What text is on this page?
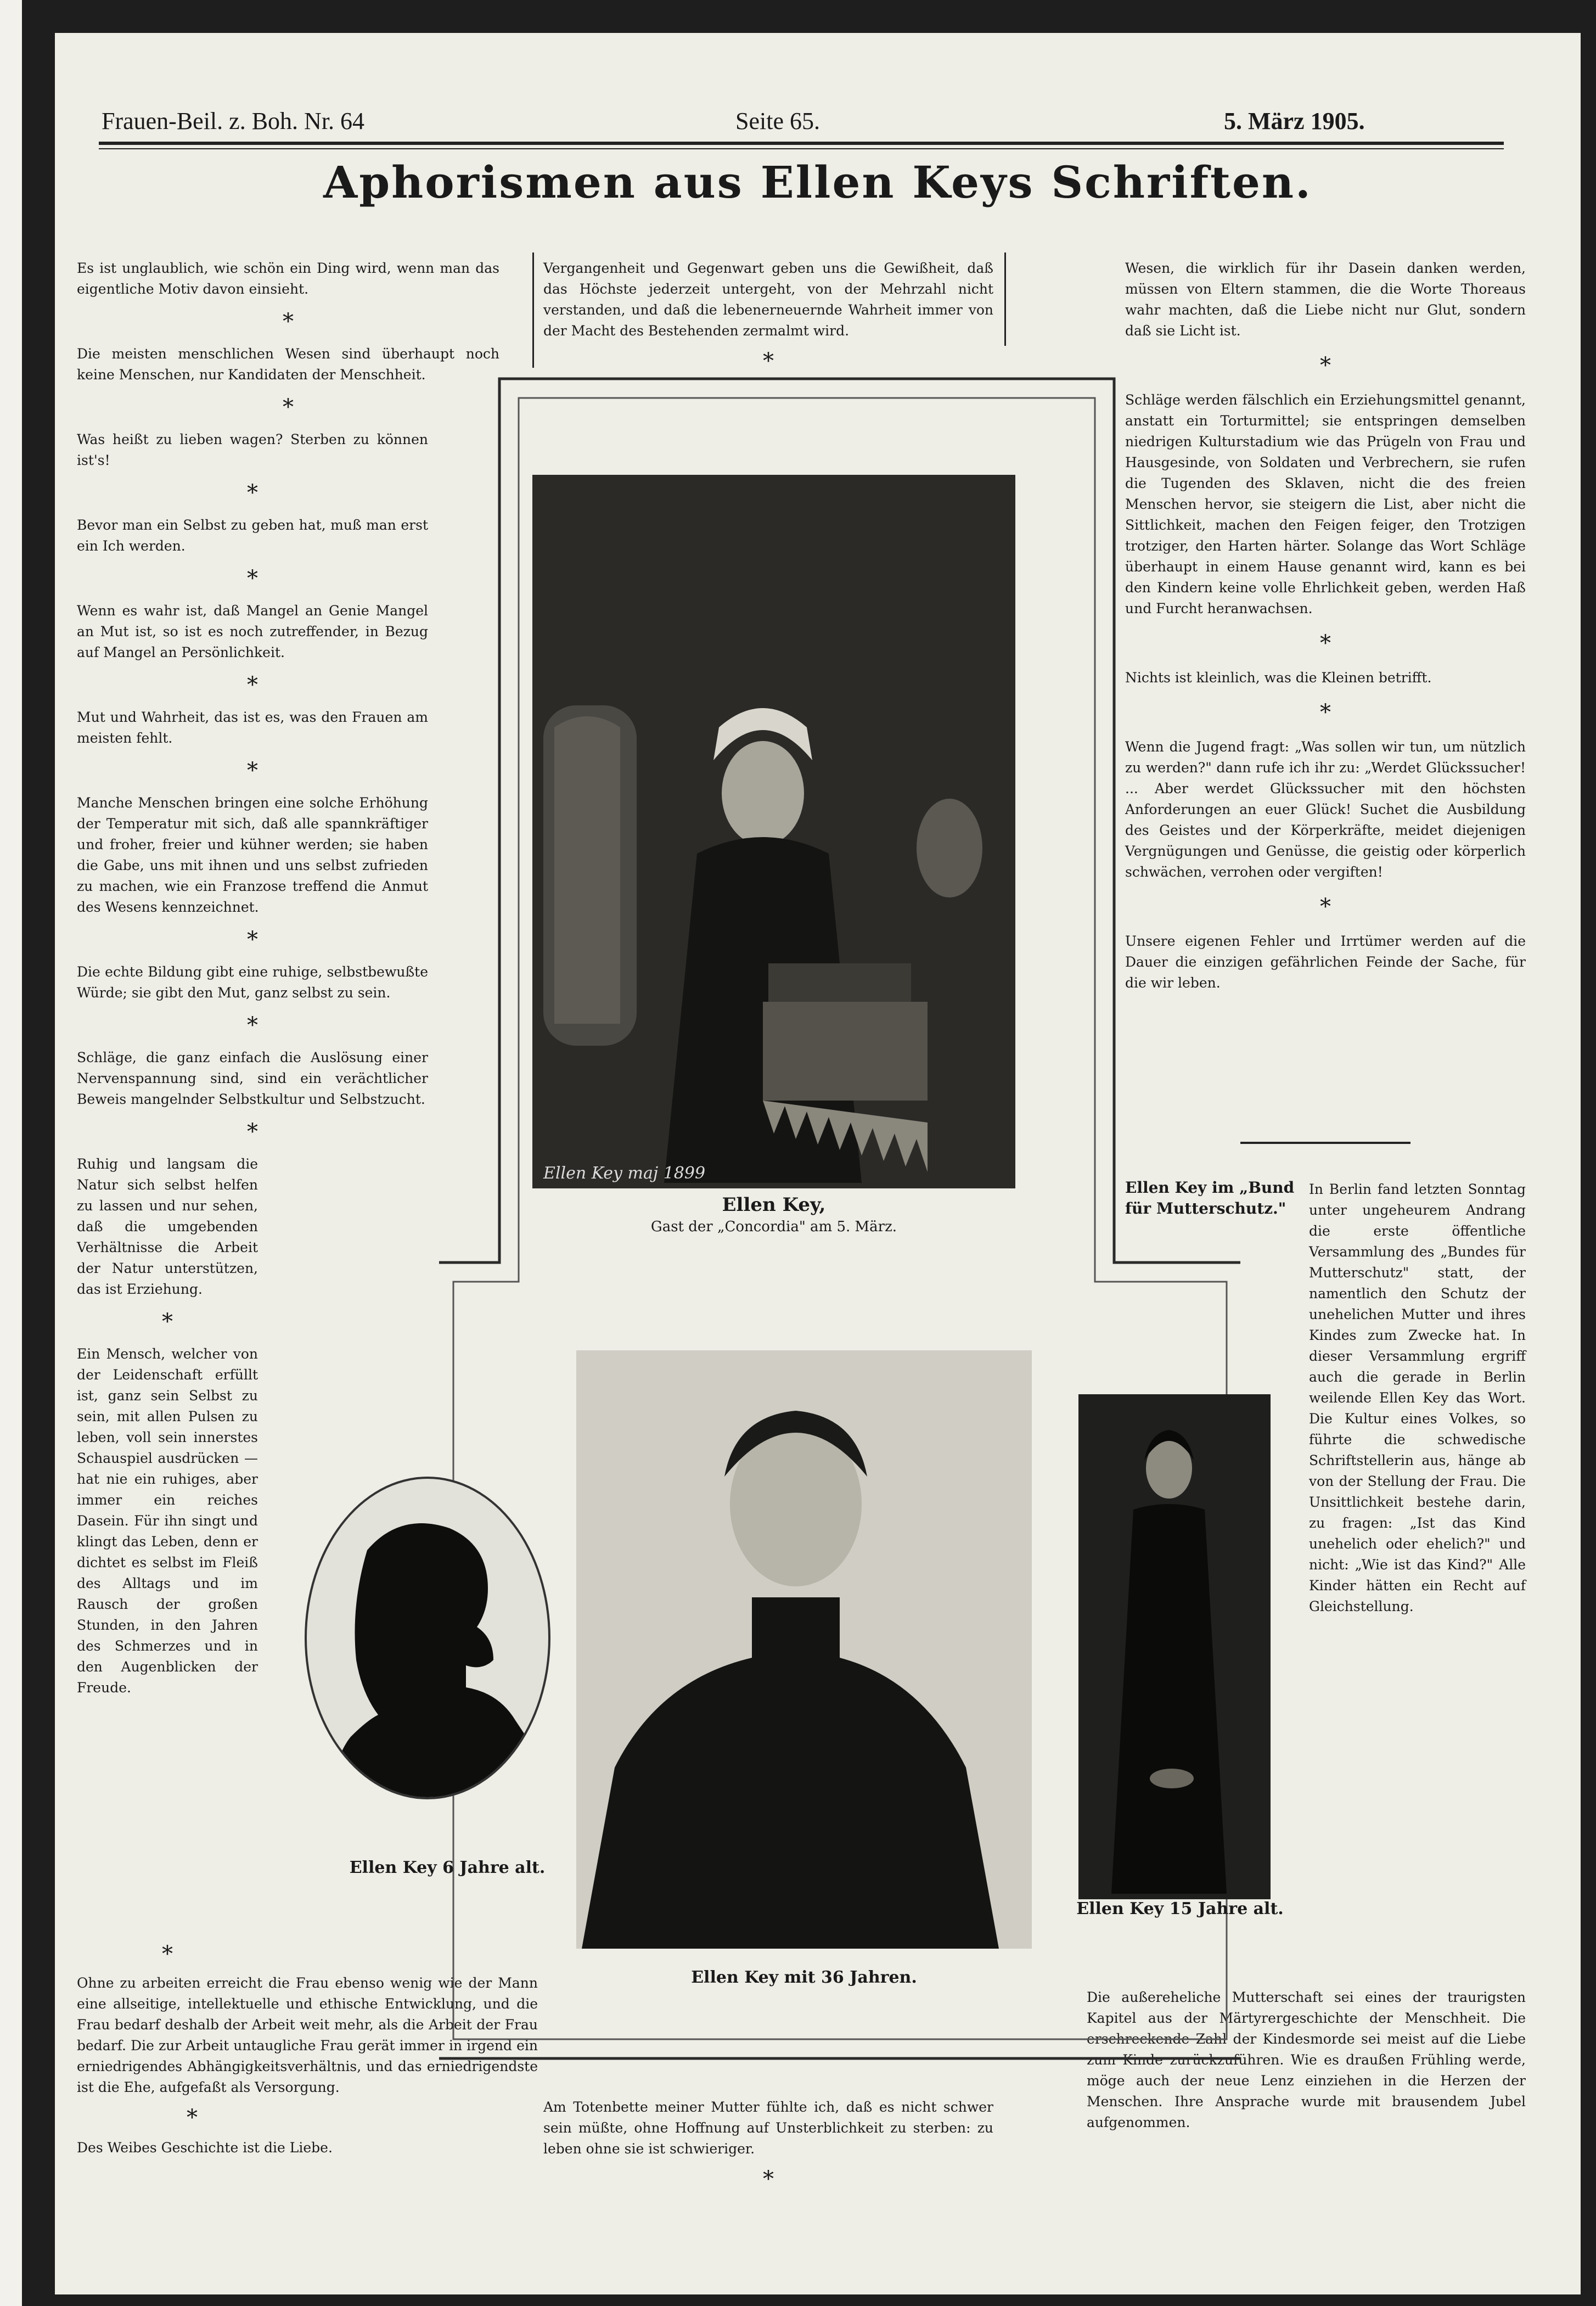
Frauen-Beil. z. Boh. Nr. 64	Seite 65.	5. März 1905.
Aphorismen aus Ellen Keys Schriften.

Es ist unglaublich, wie schön ein Ding wird, wenn man das eigentliche Motiv davon einsieht.

*

Die meisten menschlichen Wesen sind überhaupt noch keine Menschen, nur Kandidaten der Menschheit.

*

Was heißt zu lieben wagen? Sterben zu können ist's!

*

Bevor man ein Selbst zu geben hat, muß man erst ein Ich werden.

*

Wenn es wahr ist, daß Mangel an Genie Mangel an Mut ist, so ist es noch zutreffender, in Bezug auf Mangel an Persönlichkeit.

*

Mut und Wahrheit, das ist es, was den Frauen am meisten fehlt.

*

Manche Menschen bringen eine solche Erhöhung der Temperatur mit sich, daß alle spannkräftiger und froher, freier und kühner werden; sie haben die Gabe, uns mit ihnen und uns selbst zufrieden zu machen, wie ein Franzose treffend die Anmut des Wesens kennzeichnet.

*

Die echte Bildung gibt eine ruhige, selbstbewußte Würde; sie gibt den Mut, ganz selbst zu sein.

*

Schläge, die ganz einfach die Auslösung einer Nervenspannung sind, sind ein verächtlicher Beweis mangelnder Selbstkultur und Selbstzucht.

*

Ruhig und langsam die Natur sich selbst helfen zu lassen und nur sehen, daß die umgebenden Verhältnisse die Arbeit der Natur unterstützen, das ist Erziehung.

*

Ein Mensch, welcher von der Leidenschaft erfüllt ist, ganz sein Selbst zu sein, mit allen Pulsen zu leben, voll sein innerstes Schauspiel ausdrücken — hat nie ein ruhiges, aber immer ein reiches Dasein. Für ihn singt und klingt das Leben, denn er dichtet es selbst im Fleiß des Alltags und im Rausch der großen Stunden, in den Jahren des Schmerzes und in den Augenblicken der Freude.

*

Ohne zu arbeiten erreicht die Frau ebenso wenig wie der Mann eine allseitige, intellektuelle und ethische Entwicklung, und die Frau bedarf deshalb der Arbeit weit mehr, als die Arbeit der Frau bedarf. Die zur Arbeit untaugliche Frau gerät immer in irgend ein erniedrigendes Abhängigkeitsverhältnis, und das erniedrigendste ist die Ehe, aufgefaßt als Versorgung.

*

Des Weibes Geschichte ist die Liebe.

Vergangenheit und Gegenwart geben uns die Gewißheit, daß das Höchste jederzeit untergeht, von der Mehrzahl nicht verstanden, und daß die lebenerneuernde Wahrheit immer von der Macht des Bestehenden zermalmt wird.

*

Am Totenbette meiner Mutter fühlte ich, daß es nicht schwer sein müßte, ohne Hoffnung auf Unsterblichkeit zu sterben: zu leben ohne sie ist schwieriger.

*

Wesen, die wirklich für ihr Dasein danken werden, müssen von Eltern stammen, die die Worte Thoreaus wahr machten, daß die Liebe nicht nur Glut, sondern daß sie Licht ist.

*

Schläge werden fälschlich ein Erziehungsmittel genannt, anstatt ein Torturmittel; sie entspringen demselben niedrigen Kulturstadium wie das Prügeln von Frau und Hausgesinde, von Soldaten und Verbrechern, sie rufen die Tugenden des Sklaven, nicht die des freien Menschen hervor, sie steigern die List, aber nicht die Sittlichkeit, machen den Feigen feiger, den Trotzigen trotziger, den Harten härter. Solange das Wort Schläge überhaupt in einem Hause genannt wird, kann es bei den Kindern keine volle Ehrlichkeit geben, werden Haß und Furcht heranwachsen.

*

Nichts ist kleinlich, was die Kleinen betrifft.

*

Wenn die Jugend fragt: „Was sollen wir tun, um nützlich zu werden?" dann rufe ich ihr zu: „Werdet Glückssucher! ... Aber werdet Glückssucher mit den höchsten Anforderungen an euer Glück! Suchet die Ausbildung des Geistes und der Körperkräfte, meidet diejenigen Vergnügungen und Genüsse, die geistig oder körperlich schwächen, verrohen oder vergiften!

*

Unsere eigenen Fehler und Irrtümer werden auf die Dauer die einzigen gefährlichen Feinde der Sache, für die wir leben.

Ellen Key im „Bund für Mutterschutz."

In Berlin fand letzten Sonntag unter ungeheurem Andrang die erste öffentliche Versammlung des „Bundes für Mutterschutz" statt, der namentlich den Schutz der unehelichen Mutter und ihres Kindes zum Zwecke hat. In dieser Versammlung ergriff auch die gerade in Berlin weilende Ellen Key das Wort. Die Kultur eines Volkes, so führte die schwedische Schriftstellerin aus, hänge ab von der Stellung der Frau. Die Unsittlichkeit bestehe darin, zu fragen: „Ist das Kind unehelich oder ehelich?" und nicht: „Wie ist das Kind?" Alle Kinder hätten ein Recht auf Gleichstellung.

Die außereheliche Mutterschaft sei eines der traurigsten Kapitel aus der Märtyrergeschichte der Menschheit. Die erschreckende Zahl der Kindesmorde sei meist auf die Liebe zum Kinde zurückzuführen. Wie es draußen Frühling werde, möge auch der neue Lenz einziehen in die Herzen der Menschen. Ihre Ansprache wurde mit brausendem Jubel aufgenommen.

Ellen Key maj 1899
Ellen Key,
Gast der „Concordia" am 5. März.
Ellen Key 6 Jahre alt.
Ellen Key mit 36 Jahren.
Ellen Key 15 Jahre alt.
